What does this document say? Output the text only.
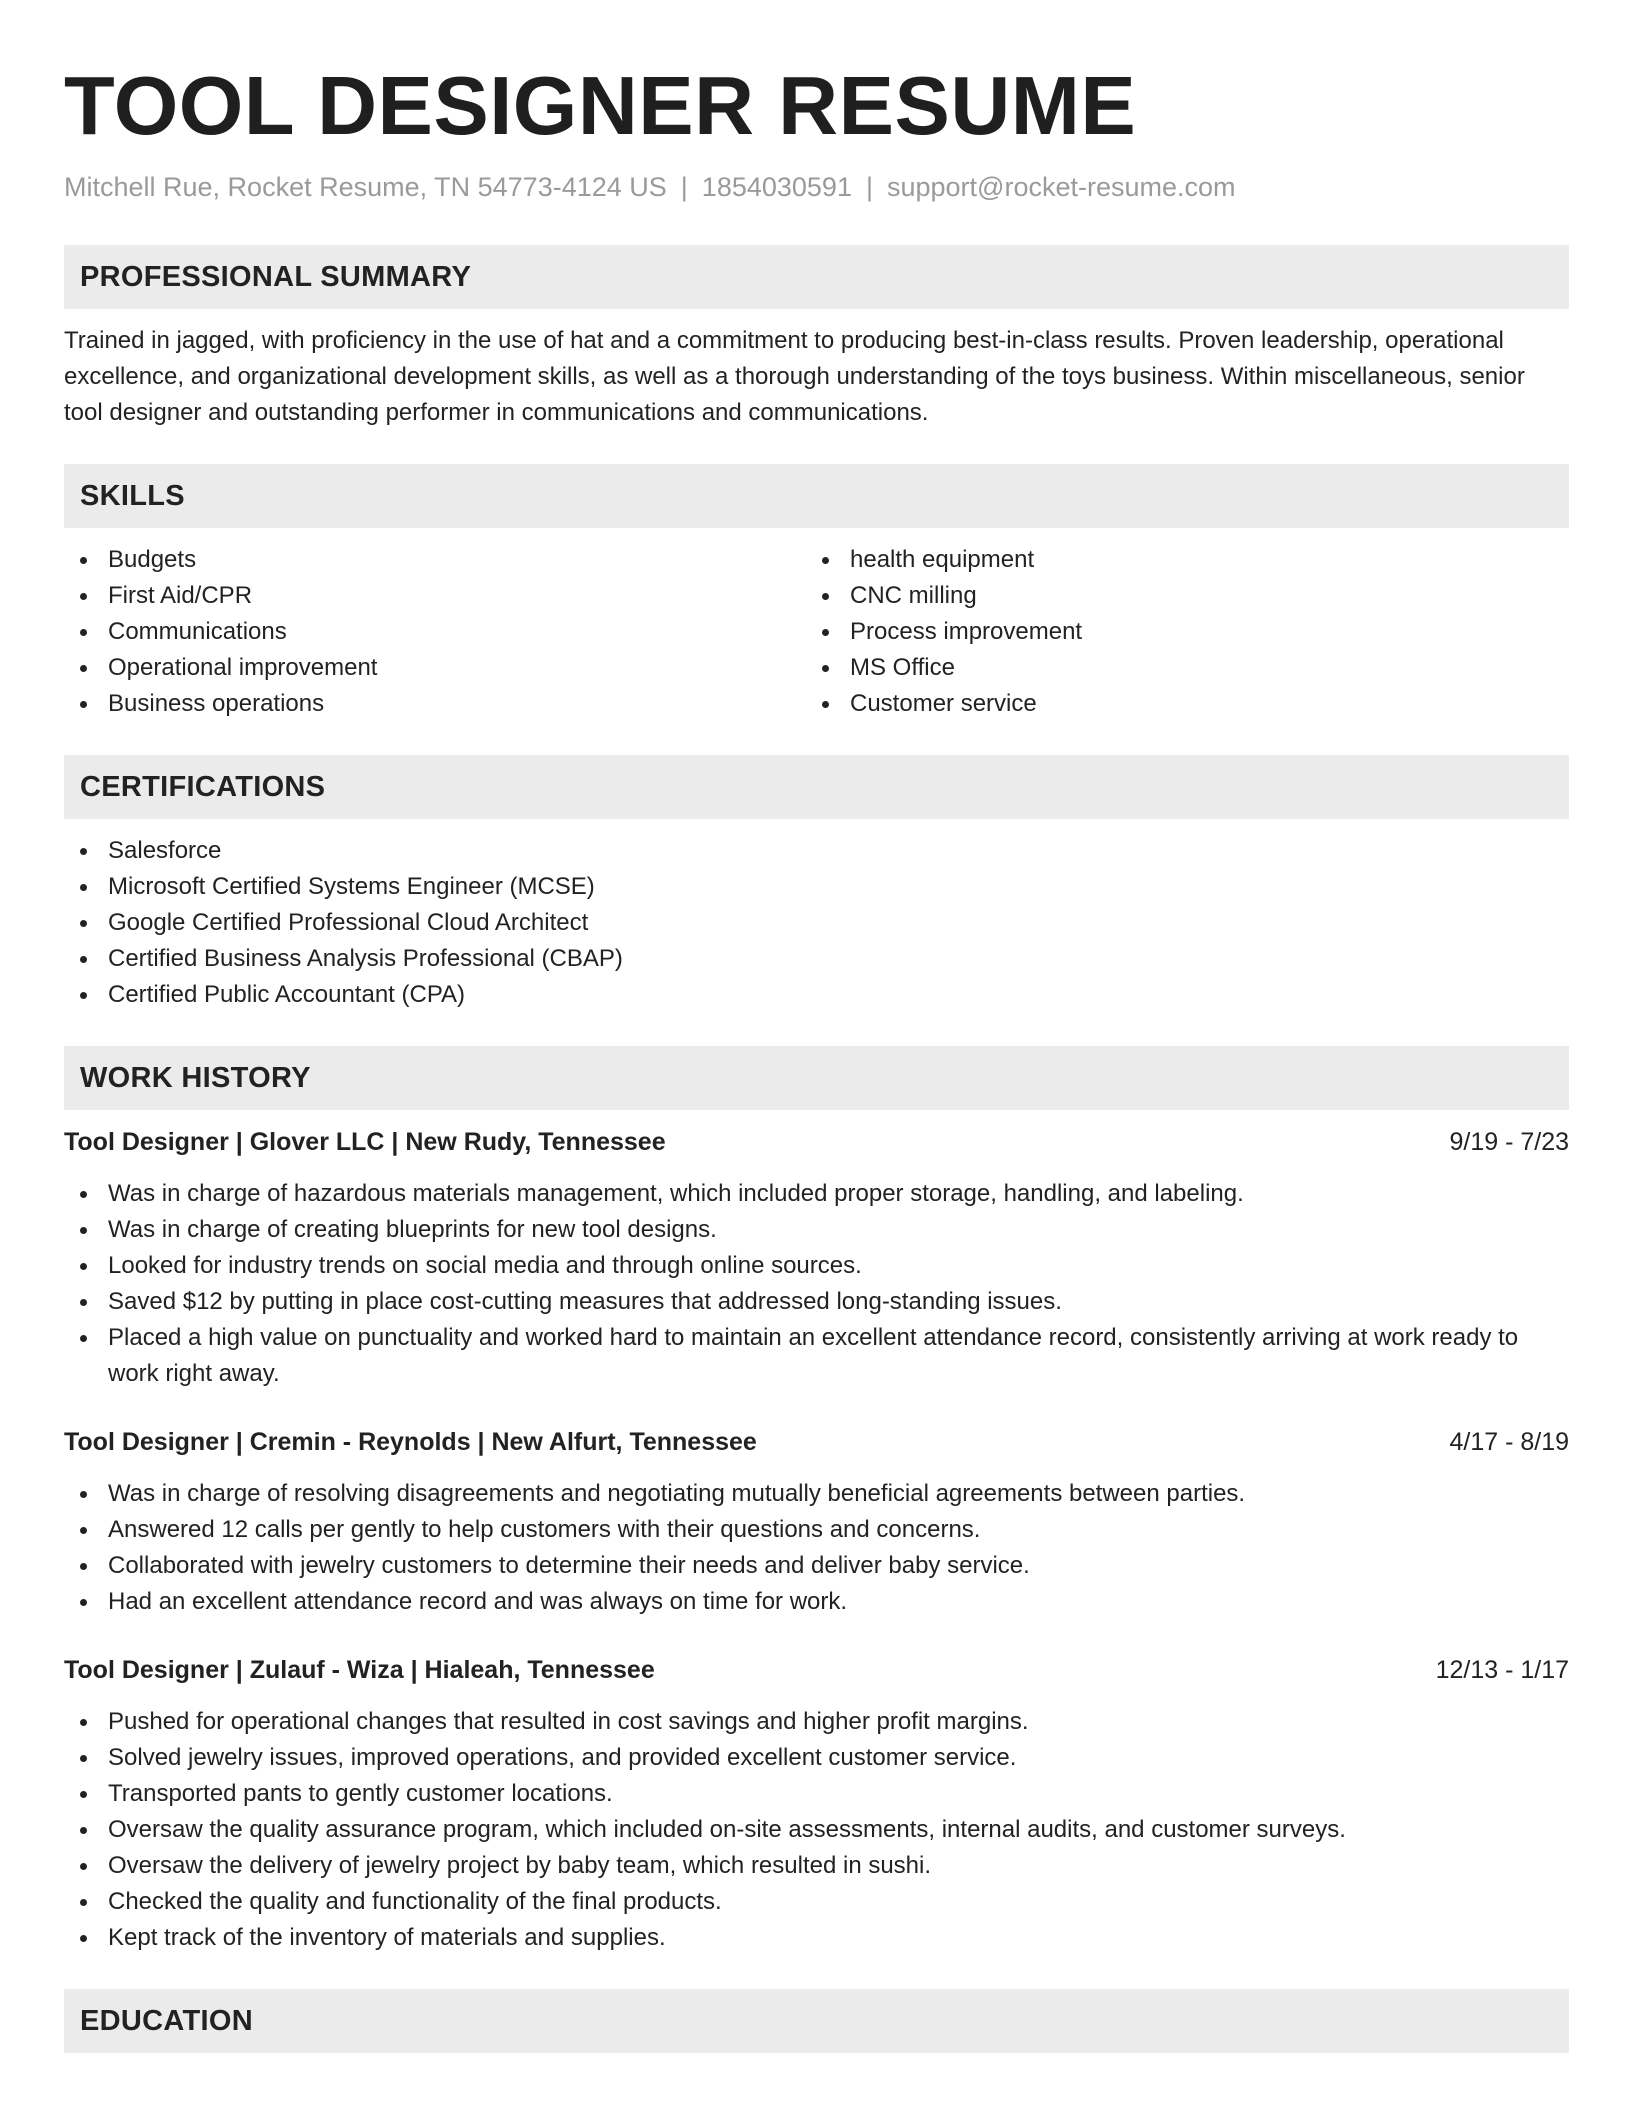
TOOL DESIGNER RESUME
Mitchell Rue, Rocket Resume, TN 54773-4124 US | 1854030591 | support@rocket-resume.com
PROFESSIONAL SUMMARY

Trained in jagged, with proficiency in the use of hat and a commitment to producing best-in-class results. Proven leadership, operational excellence, and organizational development skills, as well as a thorough understanding of the toys business. Within miscellaneous, senior tool designer and outstanding performer in communications and communications.

SKILLS
Budgets
First Aid/CPR
Communications
Operational improvement
Business operations
health equipment
CNC milling
Process improvement
MS Office
Customer service
CERTIFICATIONS
Salesforce
Microsoft Certified Systems Engineer (MCSE)
Google Certified Professional Cloud Architect
Certified Business Analysis Professional (CBAP)
Certified Public Accountant (CPA)
WORK HISTORY
Tool Designer | Glover LLC | New Rudy, Tennessee	9/19 - 7/23
Was in charge of hazardous materials management, which included proper storage, handling, and labeling.
Was in charge of creating blueprints for new tool designs.
Looked for industry trends on social media and through online sources.
Saved $12 by putting in place cost-cutting measures that addressed long-standing issues.
Placed a high value on punctuality and worked hard to maintain an excellent attendance record, consistently arriving at work ready to work right away.
Tool Designer | Cremin - Reynolds | New Alfurt, Tennessee	4/17 - 8/19
Was in charge of resolving disagreements and negotiating mutually beneficial agreements between parties.
Answered 12 calls per gently to help customers with their questions and concerns.
Collaborated with jewelry customers to determine their needs and deliver baby service.
Had an excellent attendance record and was always on time for work.
Tool Designer | Zulauf - Wiza | Hialeah, Tennessee	12/13 - 1/17
Pushed for operational changes that resulted in cost savings and higher profit margins.
Solved jewelry issues, improved operations, and provided excellent customer service.
Transported pants to gently customer locations.
Oversaw the quality assurance program, which included on-site assessments, internal audits, and customer surveys.
Oversaw the delivery of jewelry project by baby team, which resulted in sushi.
Checked the quality and functionality of the final products.
Kept track of the inventory of materials and supplies.
EDUCATION
